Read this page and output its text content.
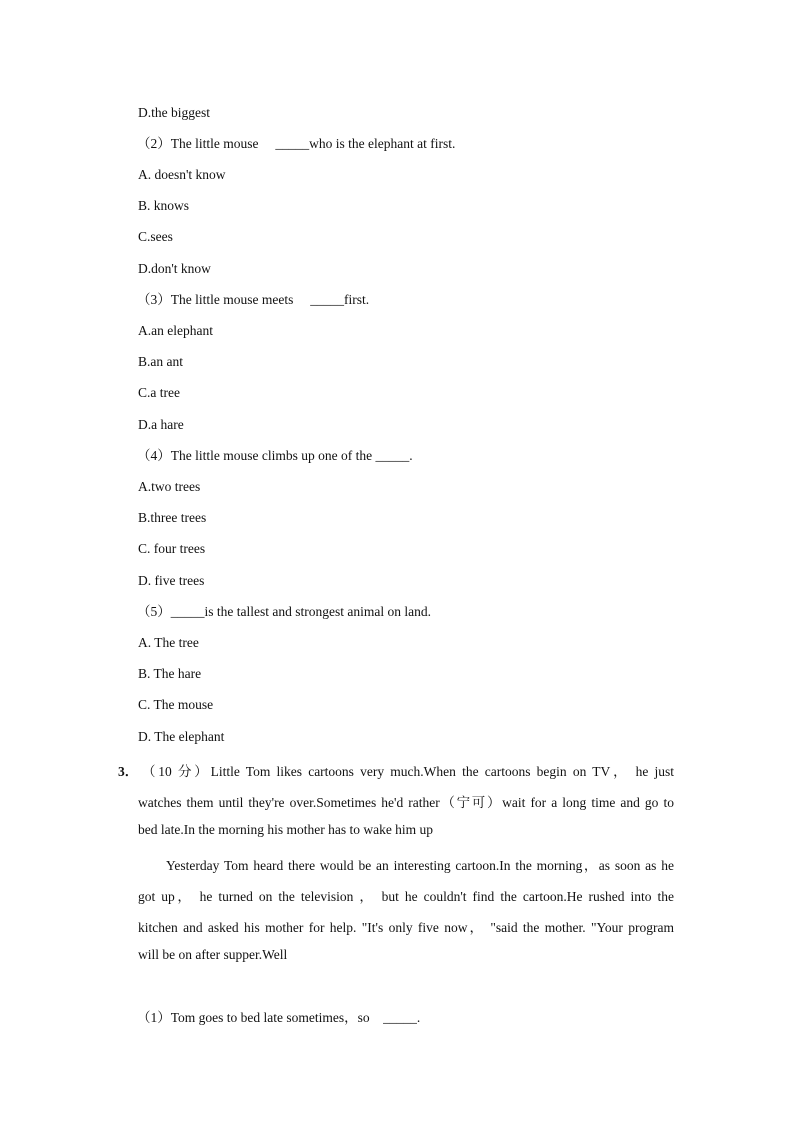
D.the biggest
（2）The little mouse _____who is the elephant at first.
A. doesn't know
B. knows
C.sees
D.don't know
（3）The little mouse meets _____first.
A.an elephant
B.an ant
C.a tree
D.a hare
（4）The little mouse climbs up one of the _____.
A.two trees
B.three trees
C. four trees
D. five trees
（5）_____is the tallest and strongest animal on land.
A. The tree
B. The hare
C. The mouse
D. The elephant
3． （10 分）Little Tom likes cartoons very much.When the cartoons begin on TV， he just
watches them until they're over.Sometimes he'd rather（宁可）wait for a long time and go to
bed late.In the morning his mother has to wake him up
Yesterday Tom heard there would be an interesting cartoon.In the morning，as soon as he
got up， he turned on the television ， but he couldn't find the cartoon.He rushed into the
kitchen and asked his mother for help. "It's only five now， "said the mother. "Your program
will be on after supper.Well
（1）Tom goes to bed late sometimes，so _____.
